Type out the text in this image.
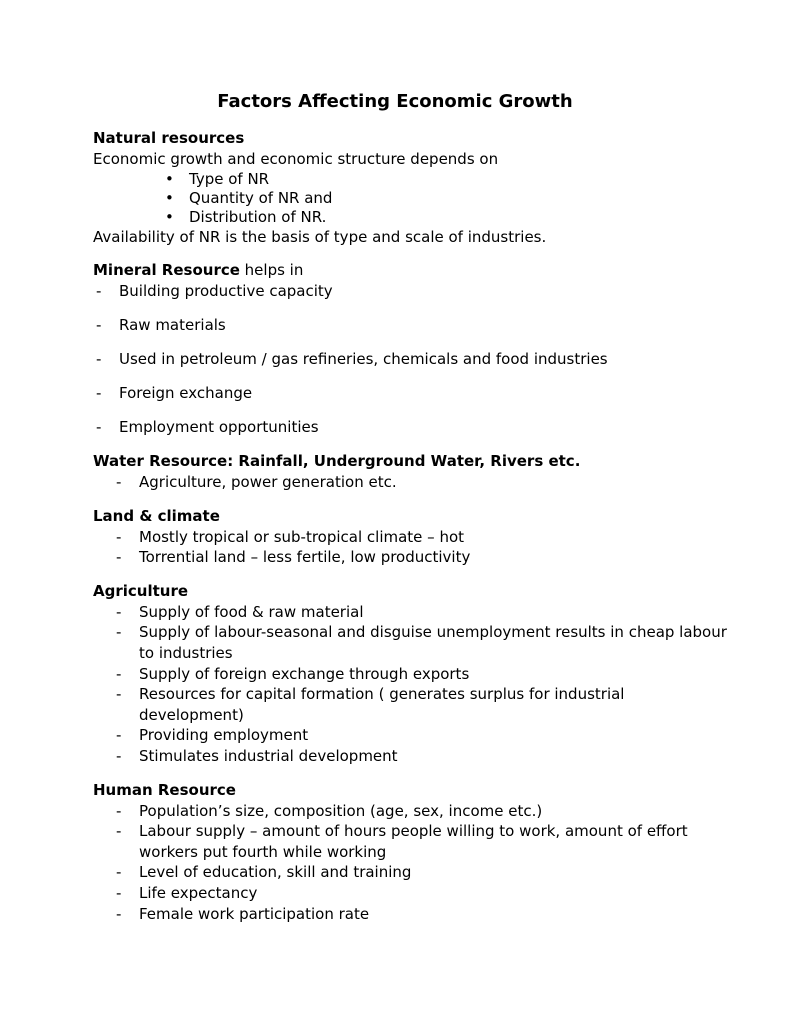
Factors Affecting Economic Growth
Natural resources
Economic growth and economic structure depends on
• Type of NR
• Quantity of NR and
• Distribution of NR.
Availability of NR is the basis of type and scale of industries.
Mineral Resource helps in
- Building productive capacity
- Raw materials
- Used in petroleum / gas refineries, chemicals and food industries
- Foreign exchange
- Employment opportunities
Water Resource: Rainfall, Underground Water, Rivers etc.
- Agriculture, power generation etc.
Land & climate
- Mostly tropical or sub-tropical climate – hot
- Torrential land – less fertile, low productivity
Agriculture
- Supply of food & raw material
- Supply of labour-seasonal and disguise unemployment results in cheap labour to industries
- Supply of foreign exchange through exports
- Resources for capital formation ( generates surplus for industrial development)
- Providing employment
- Stimulates industrial development
Human Resource
- Population’s size, composition (age, sex, income etc.)
- Labour supply – amount of hours people willing to work, amount of effort workers put fourth while working
- Level of education, skill and training
- Life expectancy
- Female work participation rate
